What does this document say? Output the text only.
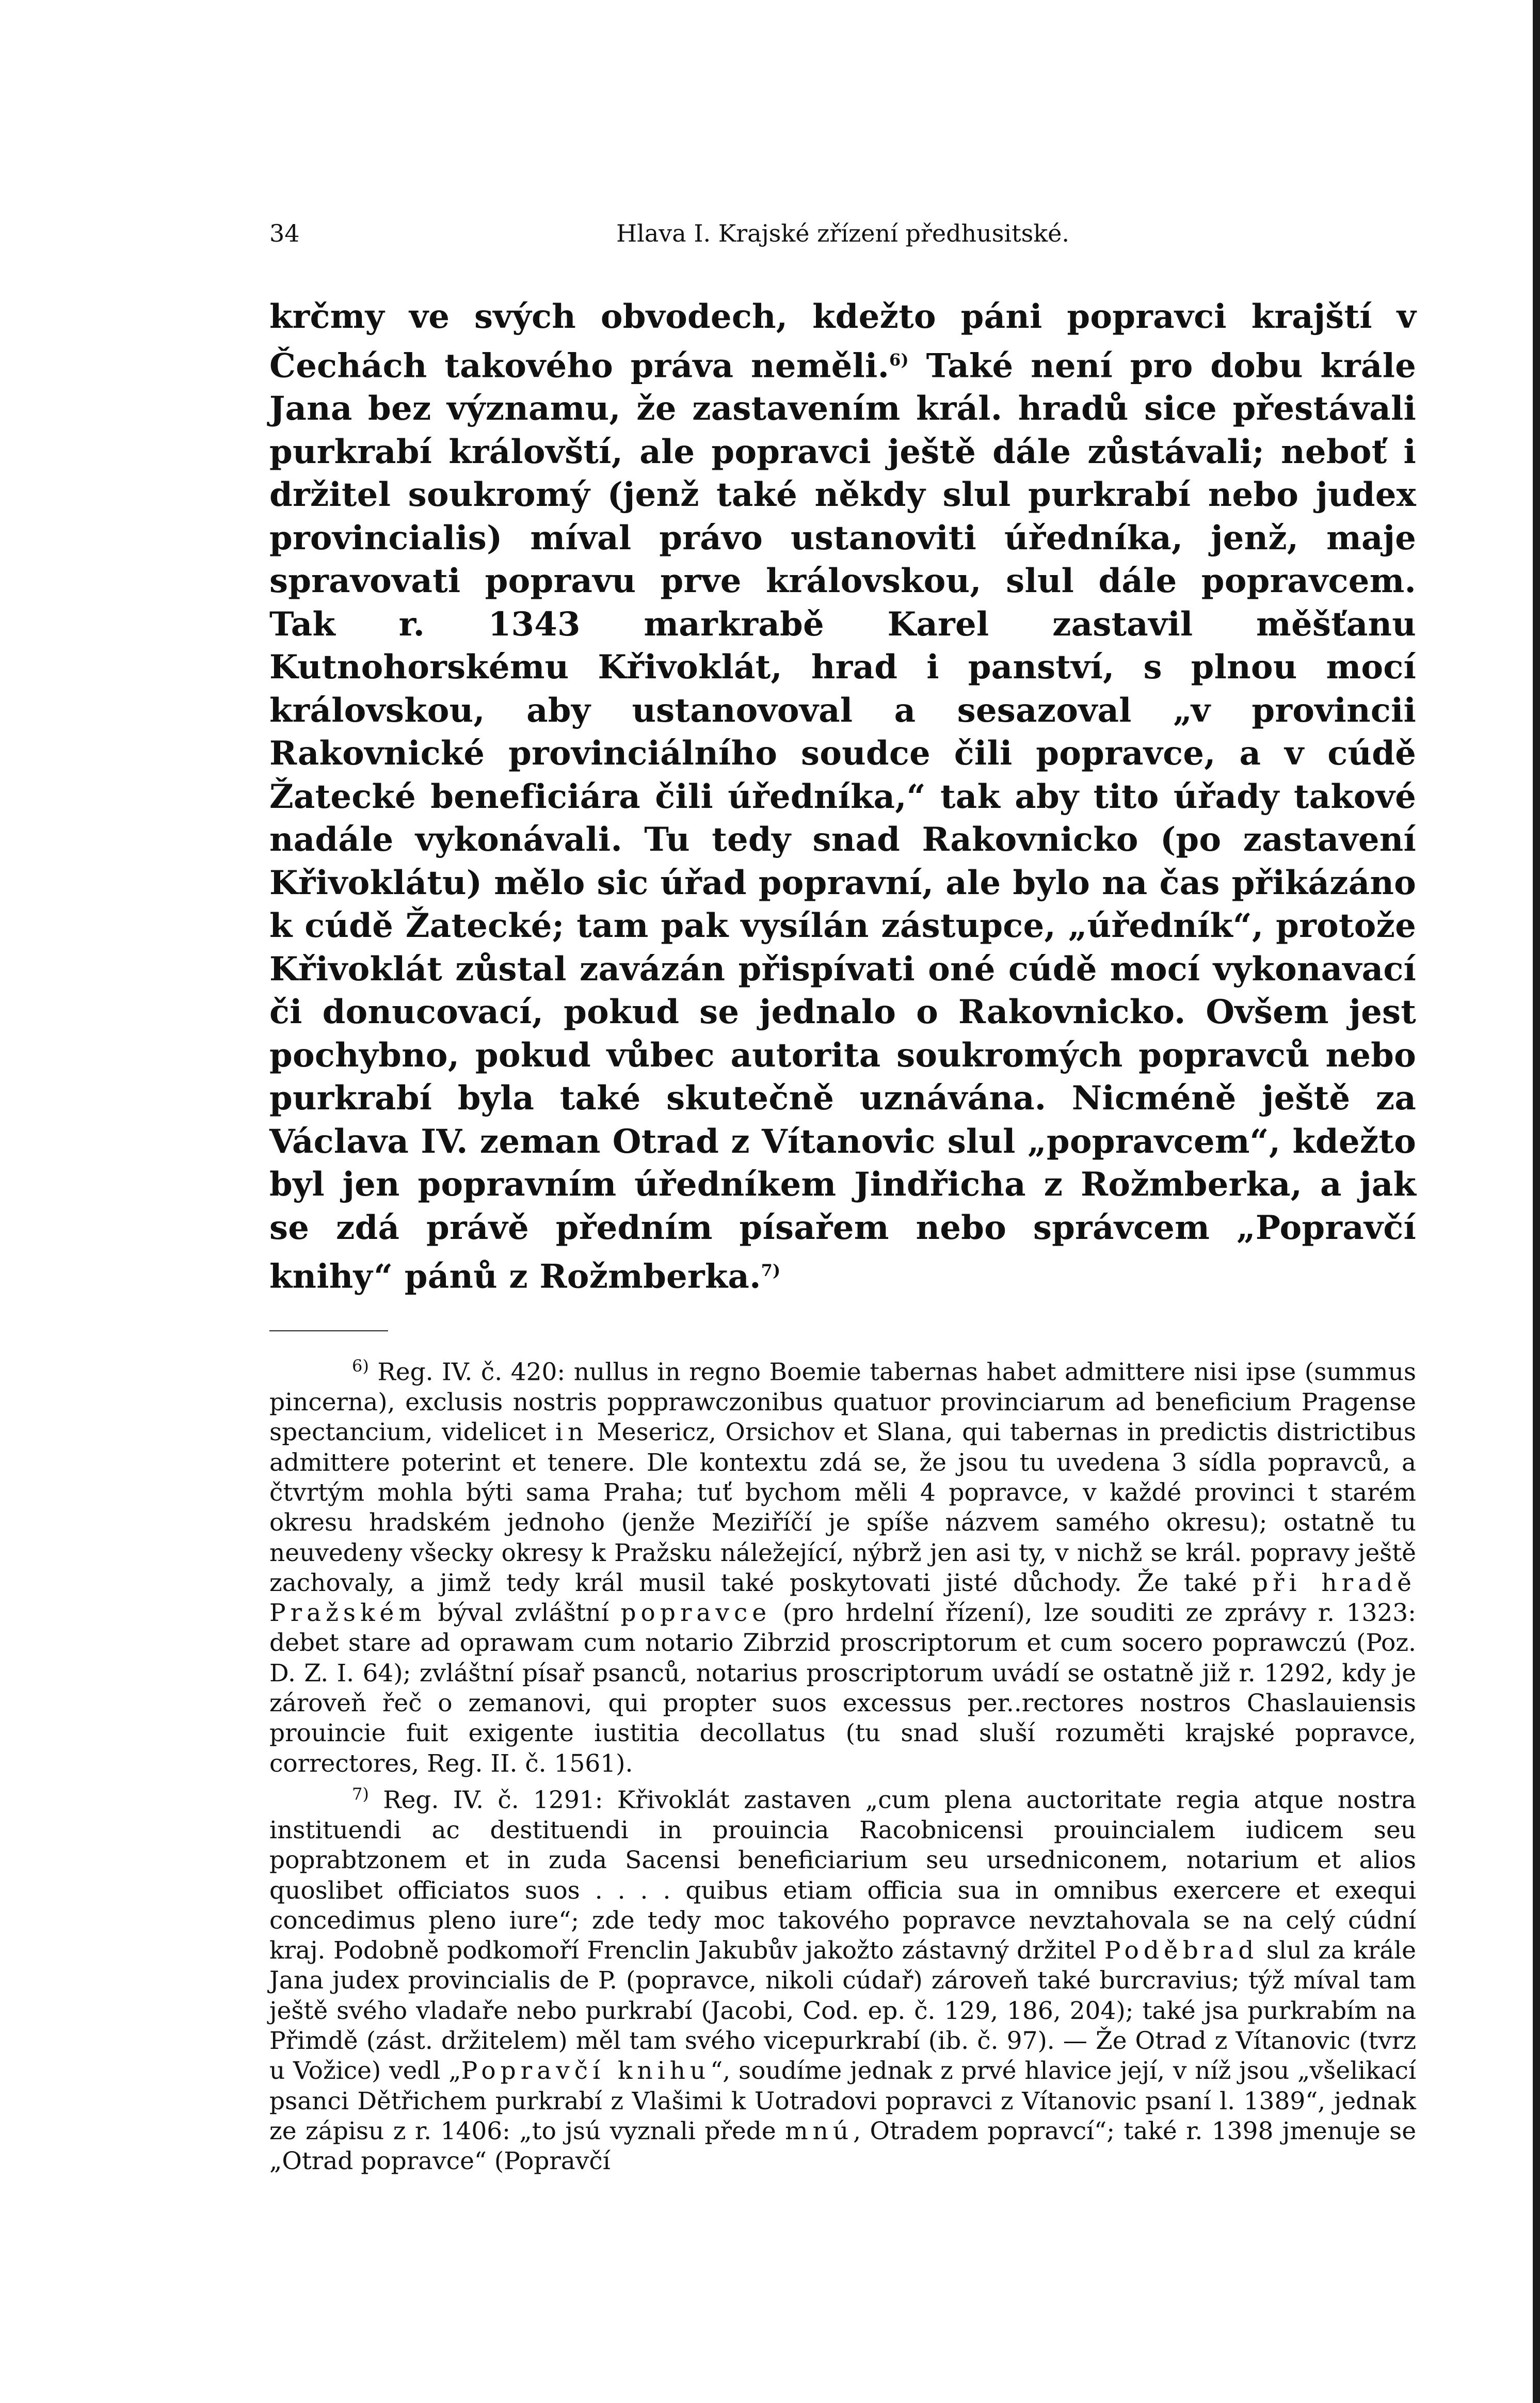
34	Hlava I. Krajské zřízení předhusitské.

krčmy ve svých obvodech, kdežto páni popravci krajští v Čechách takového práva neměli.$^{6)}$ Také není pro dobu krále Jana bez významu, že zastavením král. hradů sice přestávali purkrabí královští, ale popravci ještě dále zůstávali; neboť i držitel soukromý (jenž také někdy slul purkrabí nebo judex provincialis) míval právo ustanoviti úředníka, jenž, maje spravovati popravu prve královskou, slul dále popravcem. Tak r. 1343 markrabě Karel zastavil měšťanu Kutnohorskému Křivoklát, hrad i panství, s plnou mocí královskou, aby ustanovoval a sesazoval „v provincii Rakovnické provinciálního soudce čili popravce, a v cúdě Žatecké beneficiára čili úředníka,“ tak aby tito úřady takové nadále vykonávali. Tu tedy snad Rakovnicko (po zastavení Křivoklátu) mělo sic úřad popravní, ale bylo na čas přikázáno k cúdě Žatecké; tam pak vysílán zástupce, „úředník“, protože Křivoklát zůstal zavázán přispívati oné cúdě mocí vykonavací či donucovací, pokud se jednalo o Rakovnicko. Ovšem jest pochybno, pokud vůbec autorita soukromých popravců nebo purkrabí byla také skutečně uznávána. Nicméně ještě za Václava IV. zeman Otrad z Vítanovic slul „popravcem“, kdežto byl jen popravním úředníkem Jindřicha z Rožmberka, a jak se zdá právě předním písařem nebo správcem „Popravčí knihy“ pánů z Rožmberka.$^{7)}$

$^{6)}$ Reg. IV. č. 420: nullus in regno Boemie tabernas habet admittere nisi ipse (summus pincerna), exclusis nostris popprawczonibus quatuor provinciarum ad beneficium Pragense spectancium, videlicet in Mesericz, Orsichov et Slana, qui tabernas in predictis districtibus admittere poterint et tenere. Dle kontextu zdá se, že jsou tu uvedena 3 sídla popravců, a čtvrtým mohla býti sama Praha; tuť bychom měli 4 popravce, v každé provinci t starém okresu hradském jednoho (jenže Meziříčí je spíše názvem samého okresu); ostatně tu neuvedeny všecky okresy k Pražsku náležející, nýbrž jen asi ty, v nichž se král. popravy ještě zachovaly, a jimž tedy král musil také poskytovati jisté důchody. Že také při hradě Pražském býval zvláštní popravce (pro hrdelní řízení), lze souditi ze zprávy r. 1323: debet stare ad oprawam cum notario Zibrzid proscriptorum et cum socero poprawczú (Poz. D. Z. I. 64); zvláštní písař psanců, notarius proscriptorum uvádí se ostatně již r. 1292, kdy je zároveň řeč o zemanovi, qui propter suos excessus per..rectores nostros Chaslauiensis prouincie fuit exigente iustitia decollatus (tu snad sluší rozuměti krajské popravce, correctores, Reg. II. č. 1561).

$^{7)}$ Reg. IV. č. 1291: Křivoklát zastaven „cum plena auctoritate regia atque nostra instituendi ac destituendi in prouincia Racobnicensi prouincialem iudicem seu poprabtzonem et in zuda Sacensi beneficiarium seu ursedniconem, notarium et alios quoslibet officiatos suos . . . . quibus etiam officia sua in omnibus exercere et exequi concedimus pleno iure“; zde tedy moc takového popravce nevztahovala se na celý cúdní kraj. Podobně podkomoří Frenclin Jakubův jakožto zástavný držitel Poděbrad slul za krále Jana judex provincialis de P. (popravce, nikoli cúdař) zároveň také burcravius; týž míval tam ještě svého vladaře nebo purkrabí (Jacobi, Cod. ep. č. 129, 186, 204); také jsa purkrabím na Přimdě (zást. držitelem) měl tam svého vicepurkrabí (ib. č. 97). — Že Otrad z Vítanovic (tvrz u Vožice) vedl „Popravčí knihu“, soudíme jednak z prvé hlavice její, v níž jsou „všelikací psanci Dětřichem purkrabí z Vlašimi k Uotradovi popravci z Vítanovic psaní l. 1389“, jednak ze zápisu z r. 1406: „to jsú vyznali přede mnú, Otradem popravcí“; také r. 1398 jmenuje se „Otrad popravce“ (Popravčí
